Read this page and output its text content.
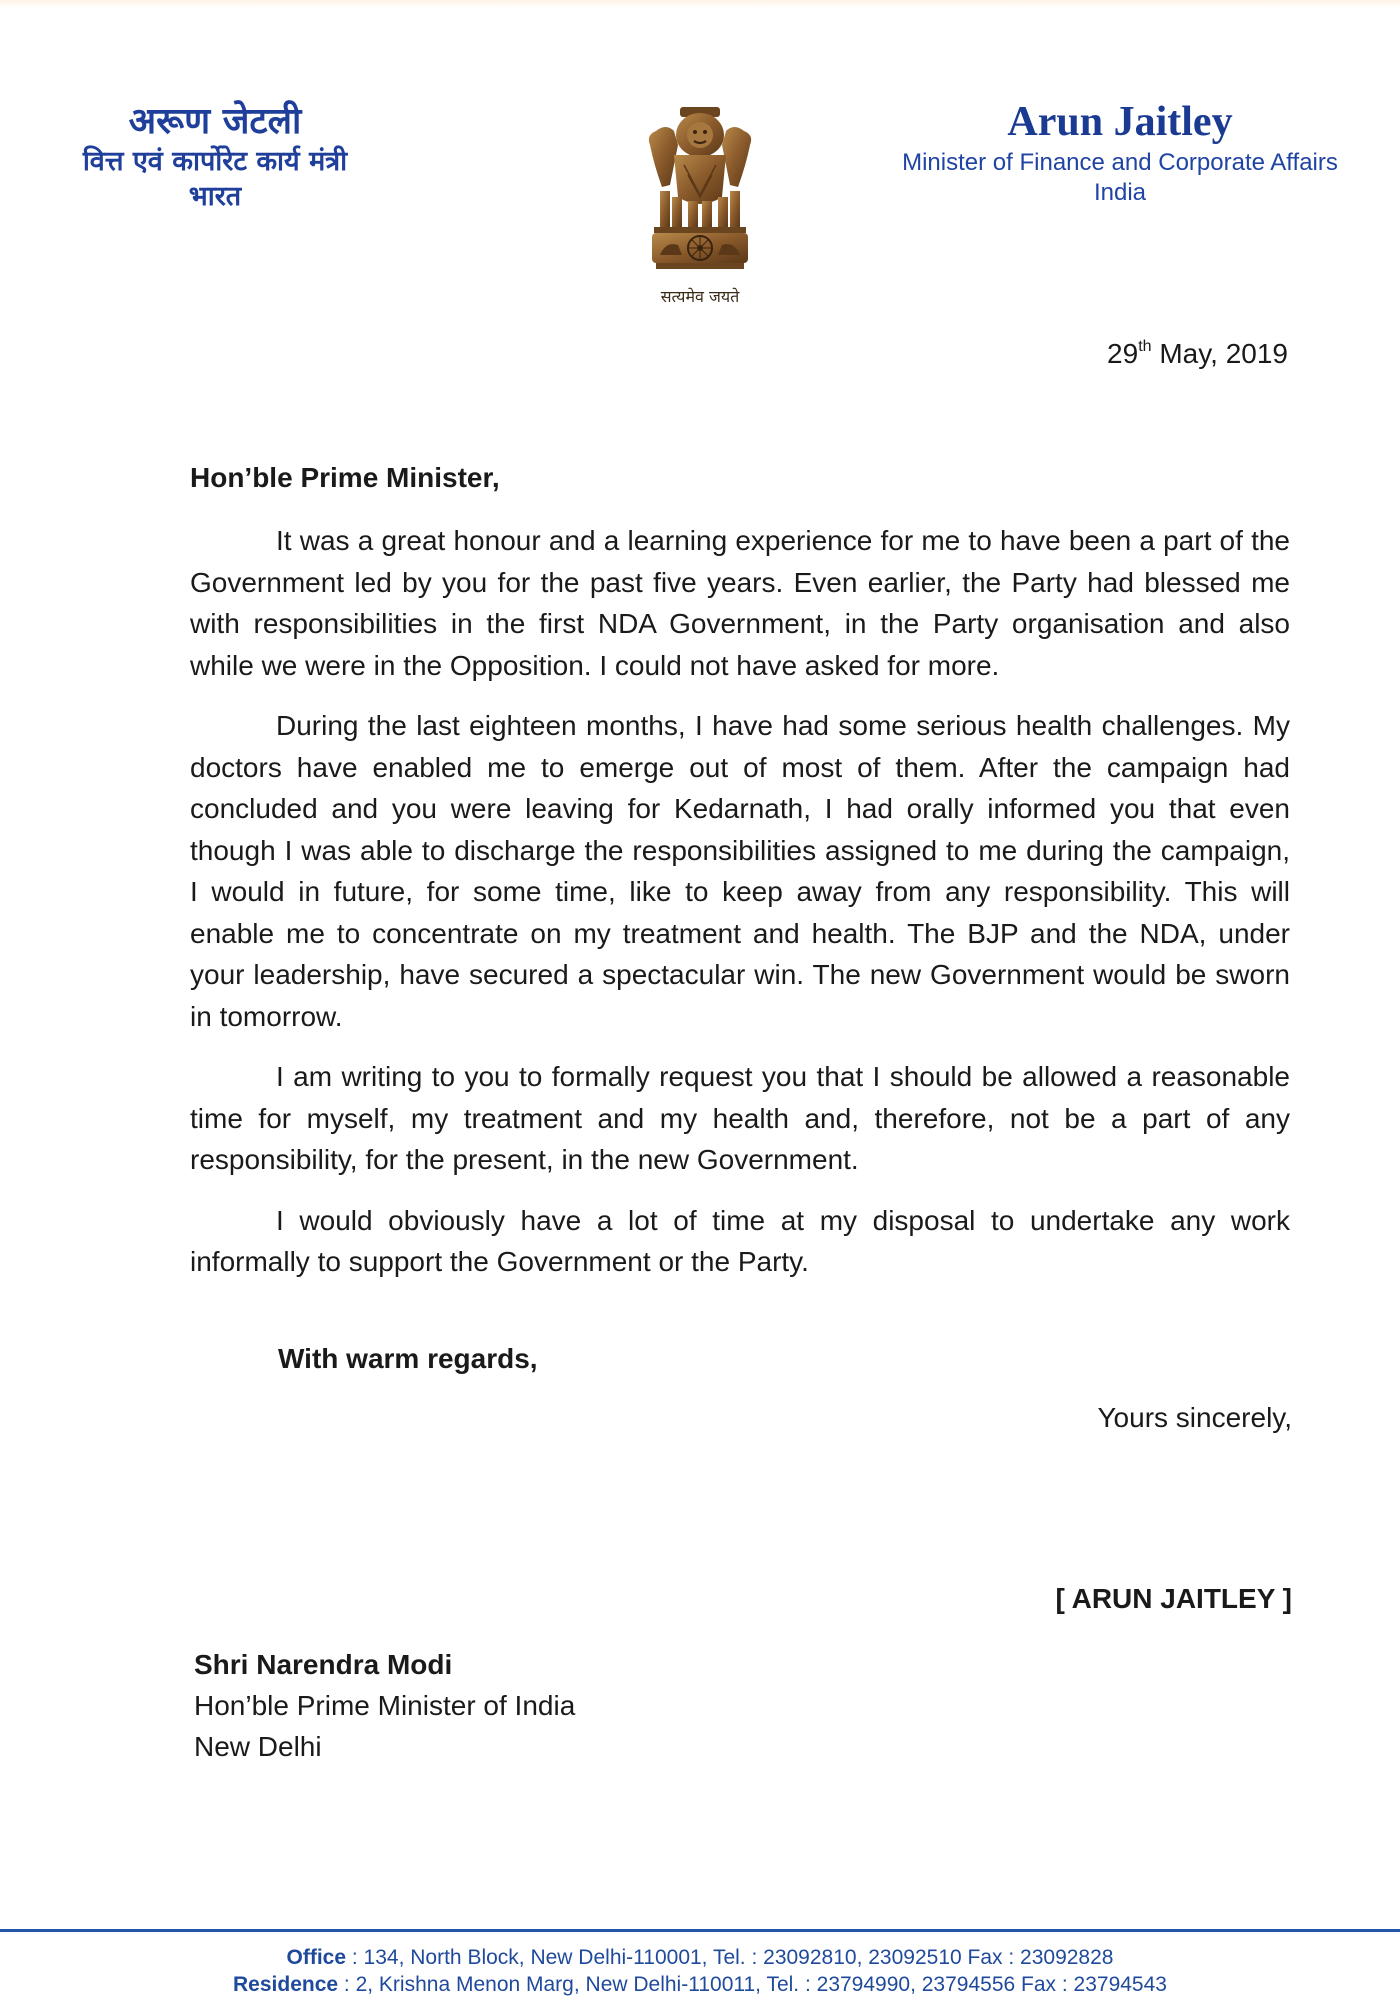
अरूण जेटली
वित्त एवं कार्पोरेट कार्य मंत्री
भारत
सत्यमेव जयते
Arun Jaitley
Minister of Finance and Corporate Affairs
India
29th May, 2019
Hon’ble Prime Minister,

It was a great honour and a learning experience for me to have been a part of the Government led by you for the past five years. Even earlier, the Party had blessed me with responsibilities in the first NDA Government, in the Party organisation and also while we were in the Opposition. I could not have asked for more.

During the last eighteen months, I have had some serious health challenges. My doctors have enabled me to emerge out of most of them. After the campaign had concluded and you were leaving for Kedarnath, I had orally informed you that even though I was able to discharge the responsibilities assigned to me during the campaign, I would in future, for some time, like to keep away from any responsibility. This will enable me to concentrate on my treatment and health. The BJP and the NDA, under your leadership, have secured a spectacular win. The new Government would be sworn in tomorrow.

I am writing to you to formally request you that I should be allowed a reasonable time for myself, my treatment and my health and, therefore, not be a part of any responsibility, for the present, in the new Government.

I would obviously have a lot of time at my disposal to undertake any work informally to support the Government or the Party.

With warm regards,
Yours sincerely,
[ ARUN JAITLEY ]
Shri Narendra Modi
Hon’ble Prime Minister of India
New Delhi
Office : 134, North Block, New Delhi-110001, Tel. : 23092810, 23092510 Fax : 23092828
Residence : 2, Krishna Menon Marg, New Delhi-110011, Tel. : 23794990, 23794556 Fax : 23794543
